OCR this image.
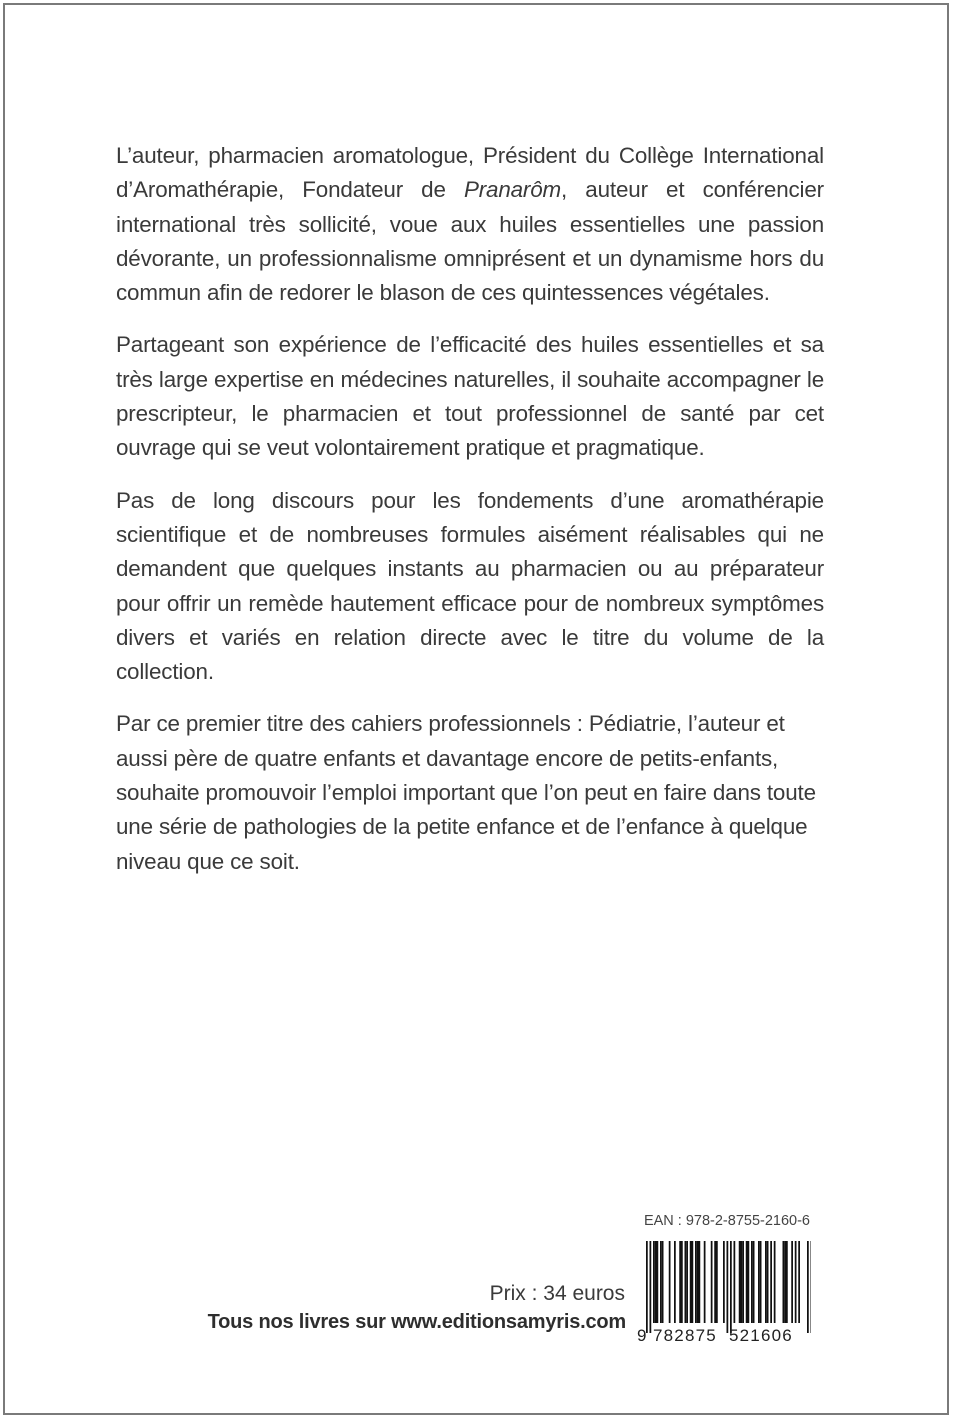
L’auteur, pharmacien aromatologue, Président du Collège International d’Aromathérapie, Fondateur de Pranarôm, auteur et conférencier international très sollicité, voue aux huiles essentielles une passion dévorante, un professionnalisme omniprésent et un dynamisme hors du commun afin de redorer le blason de ces quintessences végétales.

Partageant son expérience de l’efficacité des huiles essentielles et sa très large expertise en médecines naturelles, il souhaite accompagner le prescripteur, le pharmacien et tout professionnel de santé par cet ouvrage qui se veut volontairement pratique et pragmatique.

Pas de long discours pour les fondements d’une aromathérapie scientifique et de nombreuses formules aisément réalisables qui ne demandent que quelques instants au pharmacien ou au préparateur pour offrir un remède hautement efficace pour de nombreux symptômes divers et variés en relation directe avec le titre du volume de la collection.

Par ce premier titre des cahiers professionnels : Pédiatrie, l’auteur et aussi père de quatre enfants et davantage encore de petits-enfants, souhaite promouvoir l’emploi important que l’on peut en faire dans toute une série de pathologies de la petite enfance et de l’enfance à quelque niveau que ce soit.

EAN : 978-2-8755-2160-6
9 782875 521606
Prix : 34 euros
Tous nos livres sur www.editionsamyris.com
